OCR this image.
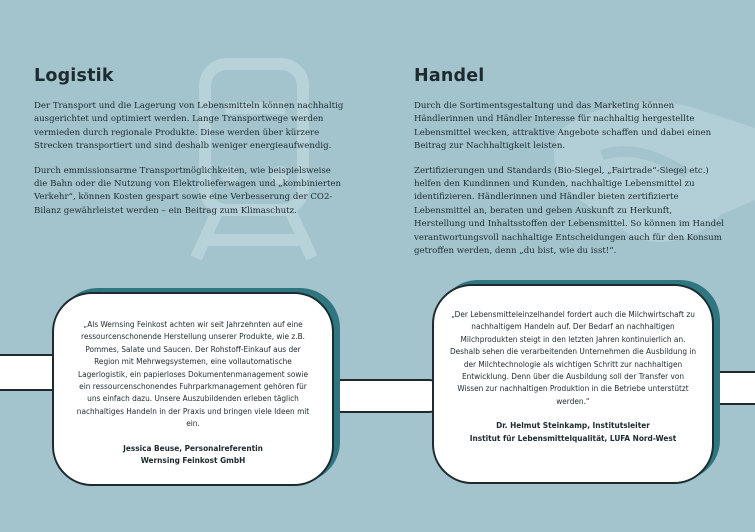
Logistik

Der Transport und die Lagerung von Lebensmitteln können nachhaltig ausgerichtet und optimiert werden. Lange Transportwege werden vermieden durch regionale Produkte. Diese werden über kürzere Strecken transportiert und sind deshalb weniger energieaufwendig.

Durch emmissionsarme Transportmöglichkeiten, wie beispielsweise die Bahn oder die Nutzung von Elektrolieferwagen und „kombinierten Verkehr“, können Kosten gespart sowie eine Verbesserung der CO2-Bilanz gewährleistet werden – ein Beitrag zum Klimaschutz.

Handel

Durch die Sortimentsgestaltung und das Marketing können Händlerinnen und Händler Interesse für nachhaltig hergestellte Lebensmittel wecken, attraktive Angebote schaffen und dabei einen Beitrag zur Nachhaltigkeit leisten.

Zertifizierungen und Standards (Bio-Siegel, „Fairtrade“-Siegel etc.) helfen den Kundinnen und Kunden, nachhaltige Lebensmittel zu identifizieren. Händlerinnen und Händler bieten zertifizierte Lebensmittel an, beraten und geben Auskunft zu Herkunft, Herstellung und Inhaltsstoffen der Lebensmittel. So können im Handel verantwortungsvoll nachhaltige Entscheidungen auch für den Konsum getroffen werden, denn „du bist, wie du isst!“.

„Als Wernsing Feinkost achten wir seit Jahrzehnten auf eine ressourcenschonende Herstellung unserer Produkte, wie z.B. Pommes, Salate und Saucen. Der Rohstoff-Einkauf aus der Region mit Mehrwegsystemen, eine vollautomatische Lagerlogistik, ein papierloses Dokumentenmanagement sowie ein ressourcenschonendes Fuhrparkmanagement gehören für uns einfach dazu. Unsere Auszubildenden erleben täglich nachhaltiges Handeln in der Praxis und bringen viele Ideen mit ein.

Jessica Beuse, Personalreferentin
Wernsing Feinkost GmbH

„Der Lebensmitteleinzelhandel fordert auch die Milchwirtschaft zu nachhaltigem Handeln auf. Der Bedarf an nachhaltigen Milchprodukten steigt in den letzten Jahren kontinuierlich an. Deshalb sehen die verarbeitenden Unternehmen die Ausbildung in der Milchtechnologie als wichtigen Schritt zur nachhaltigen Entwicklung. Denn über die Ausbildung soll der Transfer von Wissen zur nachhaltigen Produktion in die Betriebe unterstützt werden.“

Dr. Helmut Steinkamp, Institutsleiter
Institut für Lebensmittelqualität, LUFA Nord-West
